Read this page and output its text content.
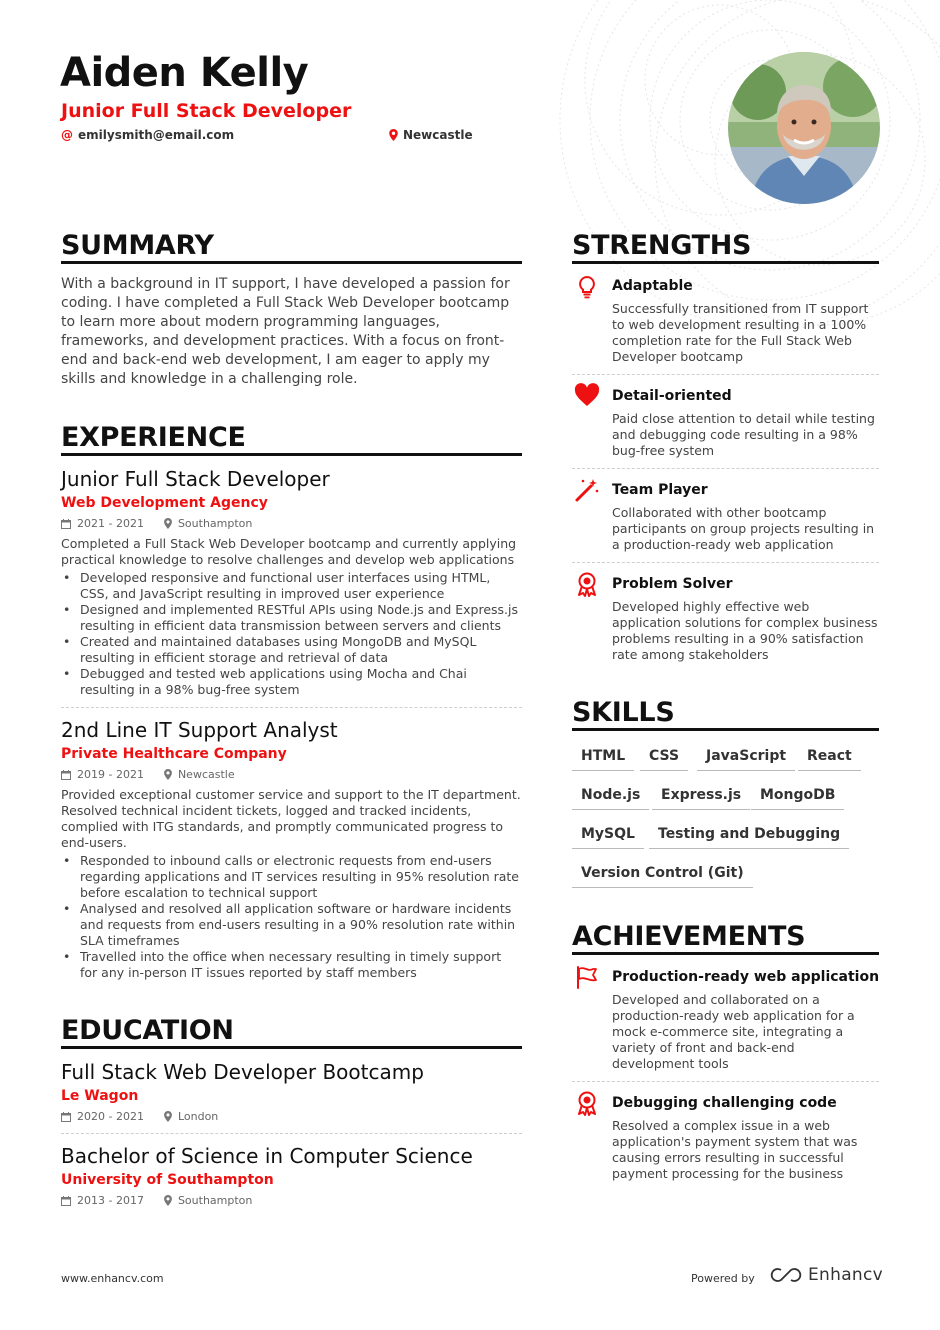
Aiden Kelly
Junior Full Stack Developer
@ emilysmith@email.com	Newcastle
SUMMARY
With a background in IT support, I have developed a passion for coding. I have completed a Full Stack Web Developer bootcamp to learn more about modern programming languages, frameworks, and development practices. With a focus on front-end and back-end web development, I am eager to apply my skills and knowledge in a challenging role.
EXPERIENCE
Junior Full Stack Developer
Web Development Agency
2021 - 2021	Southampton
Completed a Full Stack Web Developer bootcamp and currently applying practical knowledge to resolve challenges and develop web applications
• Developed responsive and functional user interfaces using HTML, CSS, and JavaScript resulting in improved user experience
• Designed and implemented RESTful APIs using Node.js and Express.js resulting in efficient data transmission between servers and clients
• Created and maintained databases using MongoDB and MySQL resulting in efficient storage and retrieval of data
• Debugged and tested web applications using Mocha and Chai resulting in a 98% bug-free system
2nd Line IT Support Analyst
Private Healthcare Company
2019 - 2021	Newcastle
Provided exceptional customer service and support to the IT department. Resolved technical incident tickets, logged and tracked incidents, complied with ITG standards, and promptly communicated progress to end-users.
• Responded to inbound calls or electronic requests from end-users regarding applications and IT services resulting in 95% resolution rate before escalation to technical support
• Analysed and resolved all application software or hardware incidents and requests from end-users resulting in a 90% resolution rate within SLA timeframes
• Travelled into the office when necessary resulting in timely support for any in-person IT issues reported by staff members
EDUCATION
Full Stack Web Developer Bootcamp
Le Wagon
2020 - 2021	London
Bachelor of Science in Computer Science
University of Southampton
2013 - 2017	Southampton
STRENGTHS
Adaptable
Successfully transitioned from IT support to web development resulting in a 100% completion rate for the Full Stack Web Developer bootcamp
Detail-oriented
Paid close attention to detail while testing and debugging code resulting in a 98% bug-free system
Team Player
Collaborated with other bootcamp participants on group projects resulting in a production-ready web application
Problem Solver
Developed highly effective web application solutions for complex business problems resulting in a 90% satisfaction rate among stakeholders
SKILLS
HTML	CSS	JavaScript	React
Node.js	Express.js	MongoDB
MySQL	Testing and Debugging
Version Control (Git)
ACHIEVEMENTS
Production-ready web application
Developed and collaborated on a production-ready web application for a mock e-commerce site, integrating a variety of front and back-end development tools
Debugging challenging code
Resolved a complex issue in a web application's payment system that was causing errors resulting in successful payment processing for the business
www.enhancv.com	Powered by	Enhancv
